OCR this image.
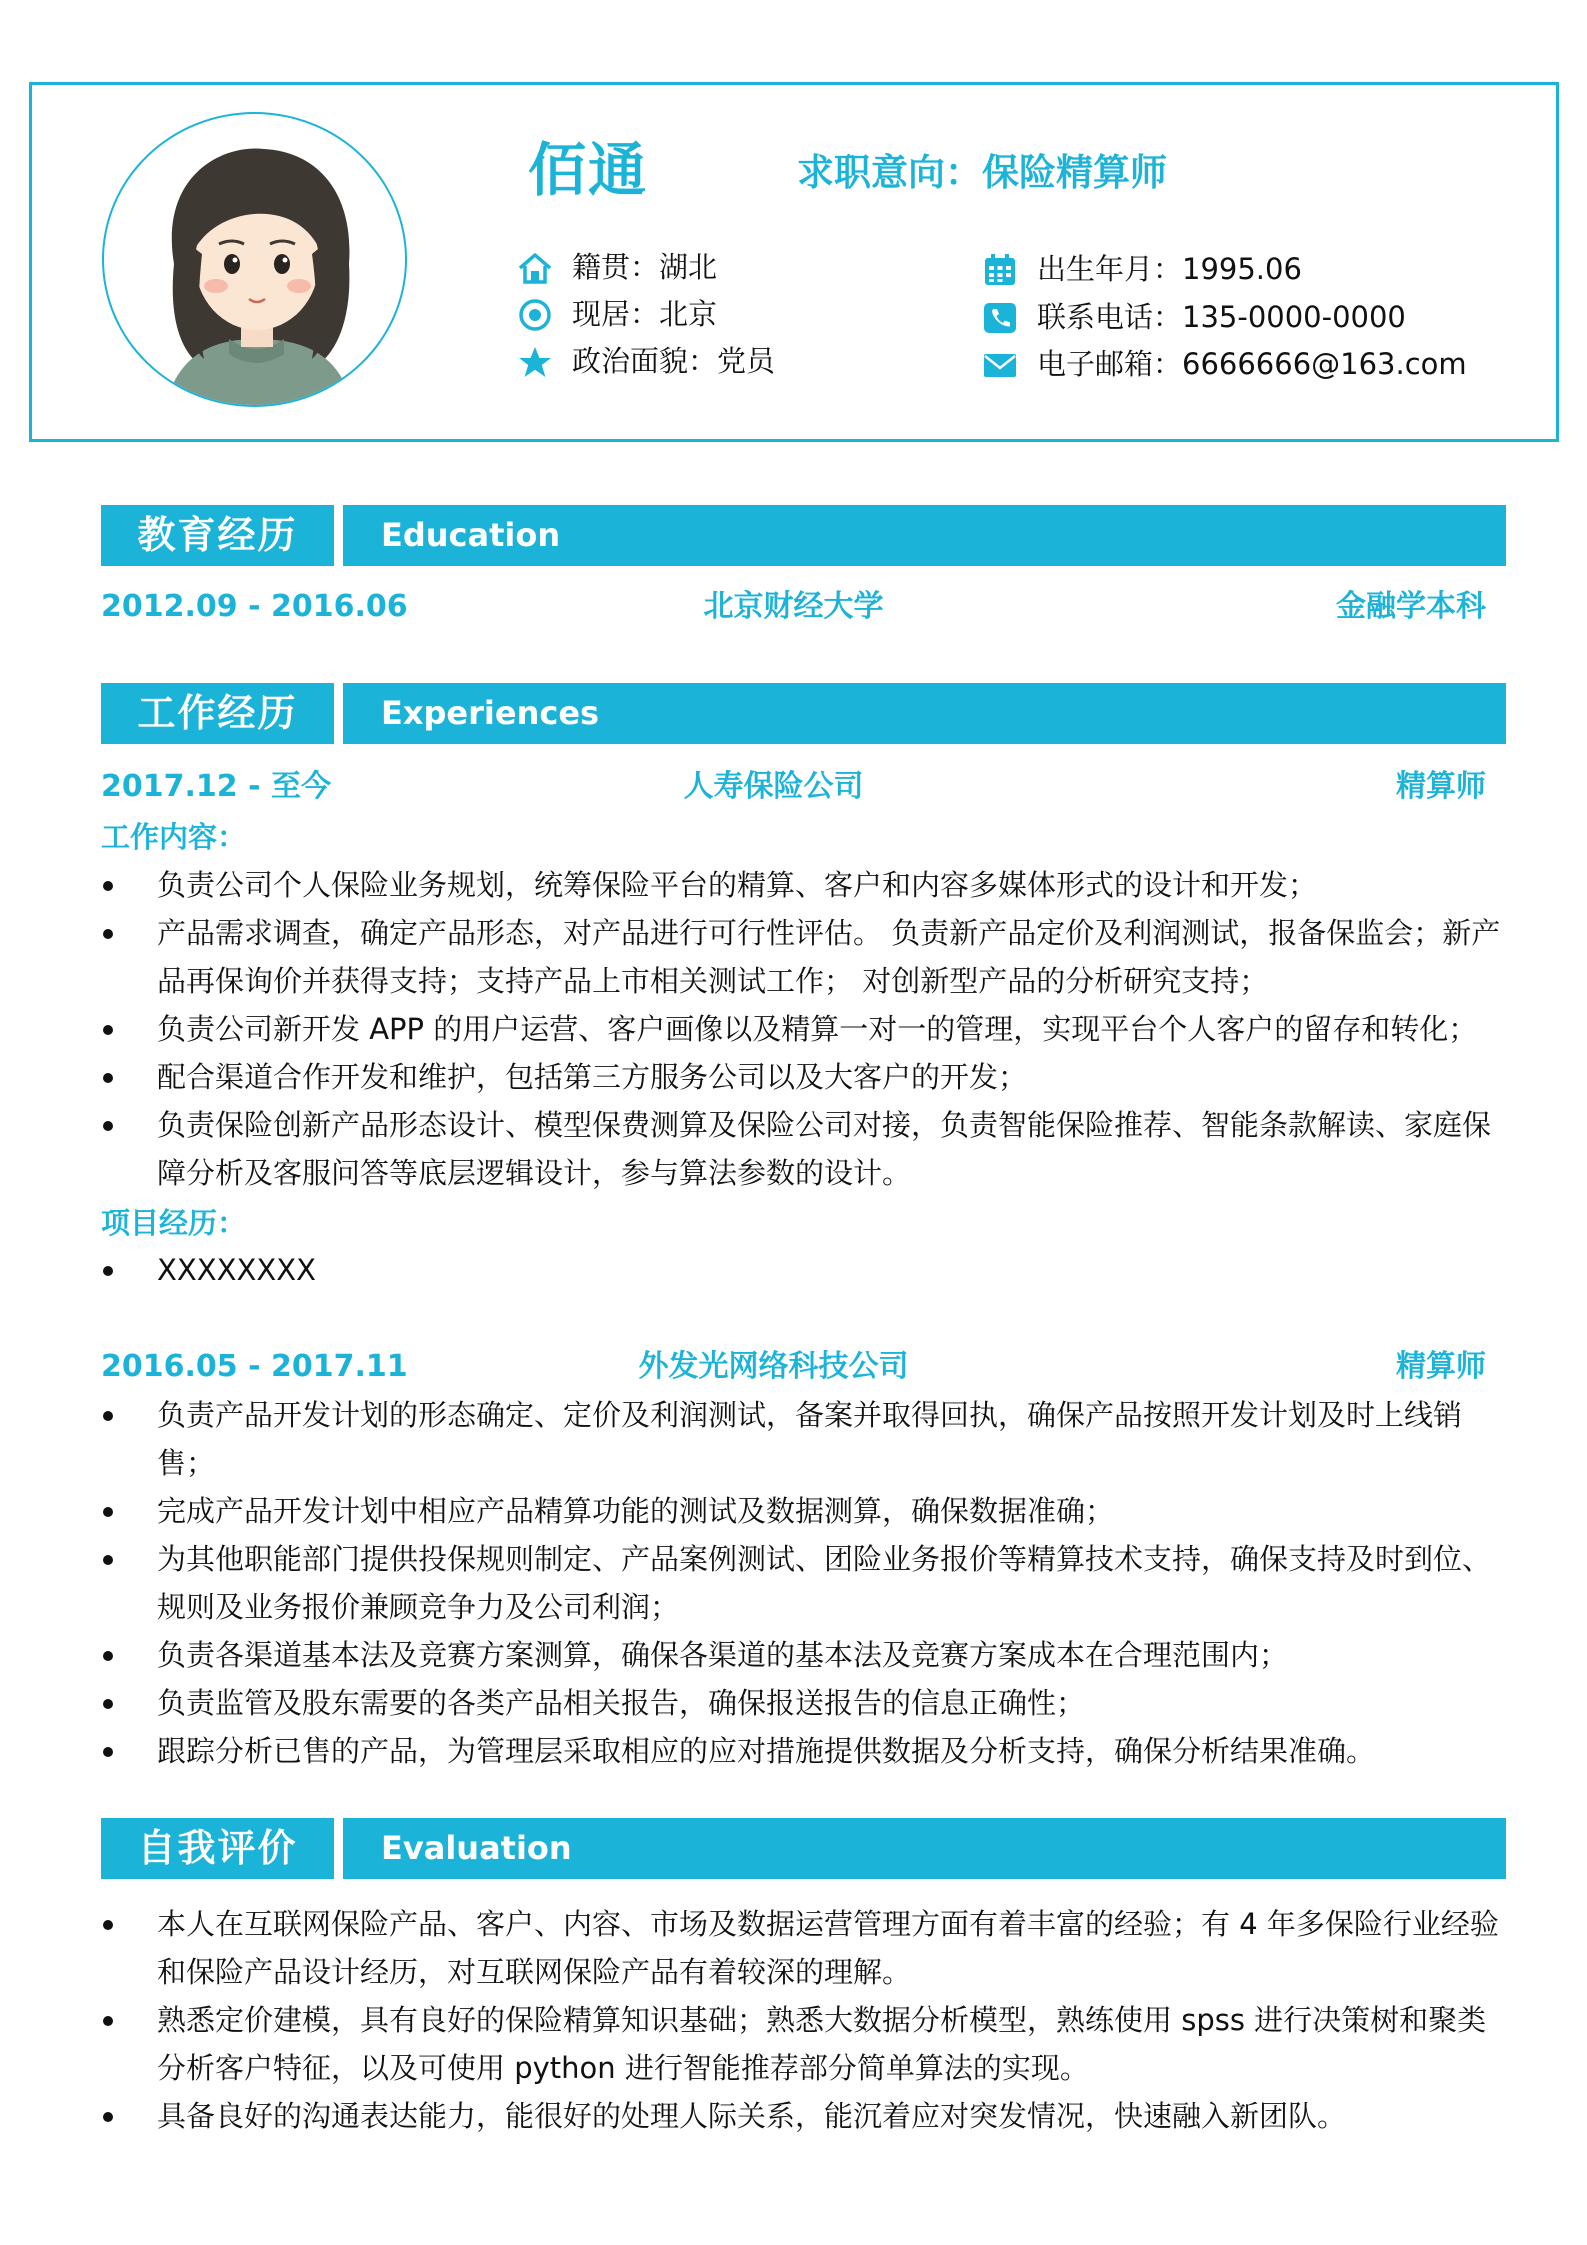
佰通	求职意向：保险精算师
籍贯：湖北
现居：北京
政治面貌：党员
出生年月：1995.06
联系电话：135-0000-0000
电子邮箱：6666666@163.com
教育经历	Education
2012.09 - 2016.06	北京财经大学	金融学本科
工作经历	Experiences
2017.12 - 至今	人寿保险公司	精算师
工作内容：
负责公司个人保险业务规划，统筹保险平台的精算、客户和内容多媒体形式的设计和开发；
产品需求调查，确定产品形态，对产品进行可行性评估。 负责新产品定价及利润测试，报备保监会；新产品再保询价并获得支持；支持产品上市相关测试工作； 对创新型产品的分析研究支持；
负责公司新开发 APP 的用户运营、客户画像以及精算一对一的管理，实现平台个人客户的留存和转化；
配合渠道合作开发和维护，包括第三方服务公司以及大客户的开发；
负责保险创新产品形态设计、模型保费测算及保险公司对接，负责智能保险推荐、智能条款解读、家庭保障分析及客服问答等底层逻辑设计，参与算法参数的设计。
项目经历：
XXXXXXXX
2016.05 - 2017.11	外发光网络科技公司	精算师
负责产品开发计划的形态确定、定价及利润测试，备案并取得回执，确保产品按照开发计划及时上线销售；
完成产品开发计划中相应产品精算功能的测试及数据测算，确保数据准确；
为其他职能部门提供投保规则制定、产品案例测试、团险业务报价等精算技术支持，确保支持及时到位、规则及业务报价兼顾竞争力及公司利润；
负责各渠道基本法及竞赛方案测算，确保各渠道的基本法及竞赛方案成本在合理范围内；
负责监管及股东需要的各类产品相关报告，确保报送报告的信息正确性；
跟踪分析已售的产品，为管理层采取相应的应对措施提供数据及分析支持，确保分析结果准确。
自我评价	Evaluation
本人在互联网保险产品、客户、内容、市场及数据运营管理方面有着丰富的经验；有 4 年多保险行业经验和保险产品设计经历，对互联网保险产品有着较深的理解。
熟悉定价建模，具有良好的保险精算知识基础；熟悉大数据分析模型，熟练使用 spss 进行决策树和聚类分析客户特征，以及可使用 python 进行智能推荐部分简单算法的实现。
具备良好的沟通表达能力，能很好的处理人际关系，能沉着应对突发情况，快速融入新团队。
